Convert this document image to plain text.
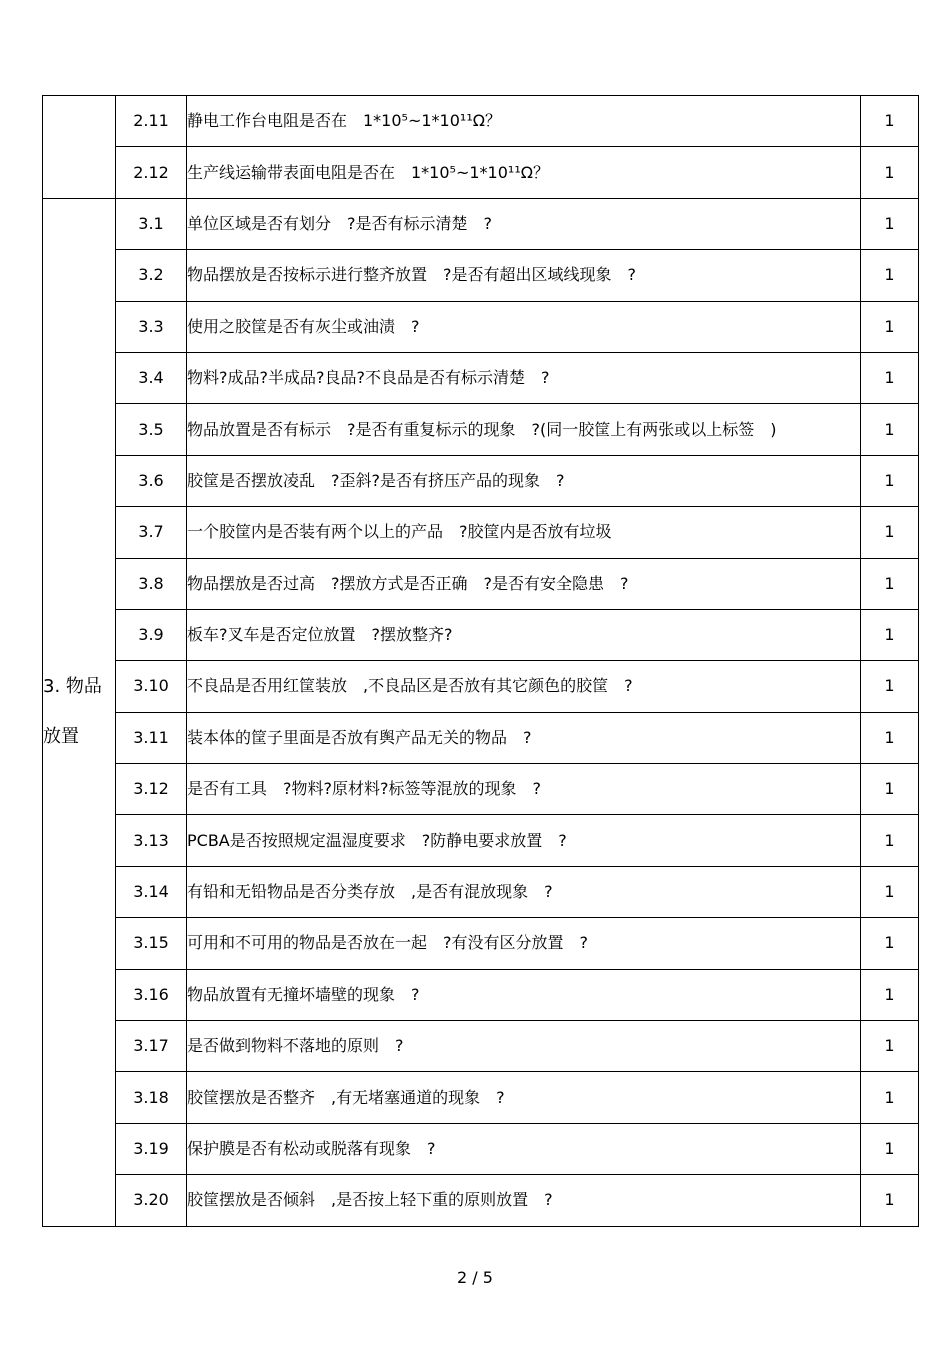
	2.11	静电工作台电阻是否在　1*10⁵~1*10¹¹Ω？	1
	2.12	生产线运输带表面电阻是否在　1*10⁵~1*10¹¹Ω？	1

3. 物品放置	3.1	单位区域是否有划分　?是否有标示清楚　?	1
	3.2	物品摆放是否按标示进行整齐放置　?是否有超出区域线现象　?	1
	3.3	使用之胶筐是否有灰尘或油渍　?	1
	3.4	物料?成品?半成品?良品?不良品是否有标示清楚　?	1
	3.5	物品放置是否有标示　?是否有重复标示的现象　?(同一胶筐上有两张或以上标签　)	1
	3.6	胶筐是否摆放凌乱　?歪斜?是否有挤压产品的现象　?	1
	3.7	一个胶筐内是否装有两个以上的产品　?胶筐内是否放有垃圾	1
	3.8	物品摆放是否过高　?摆放方式是否正确　?是否有安全隐患　?	1
	3.9	板车?叉车是否定位放置　?摆放整齐?	1
	3.10	不良品是否用红筐装放　,不良品区是否放有其它颜色的胶筐　?	1
	3.11	装本体的筐子里面是否放有舆产品无关的物品　?	1
	3.12	是否有工具　?物料?原材料?标签等混放的现象　?	1
	3.13	PCBA是否按照规定温湿度要求　?防静电要求放置　?	1
	3.14	有铅和无铅物品是否分类存放　,是否有混放现象　?	1
	3.15	可用和不可用的物品是否放在一起　?有没有区分放置　?	1
	3.16	物品放置有无撞坏墙壁的现象　?	1
	3.17	是否做到物料不落地的原则　?	1
	3.18	胶筐摆放是否整齐　,有无堵塞通道的现象　?	1
	3.19	保护膜是否有松动或脱落有现象　?	1
	3.20	胶筐摆放是否倾斜　,是否按上轻下重的原则放置　?	1
2 / 5
